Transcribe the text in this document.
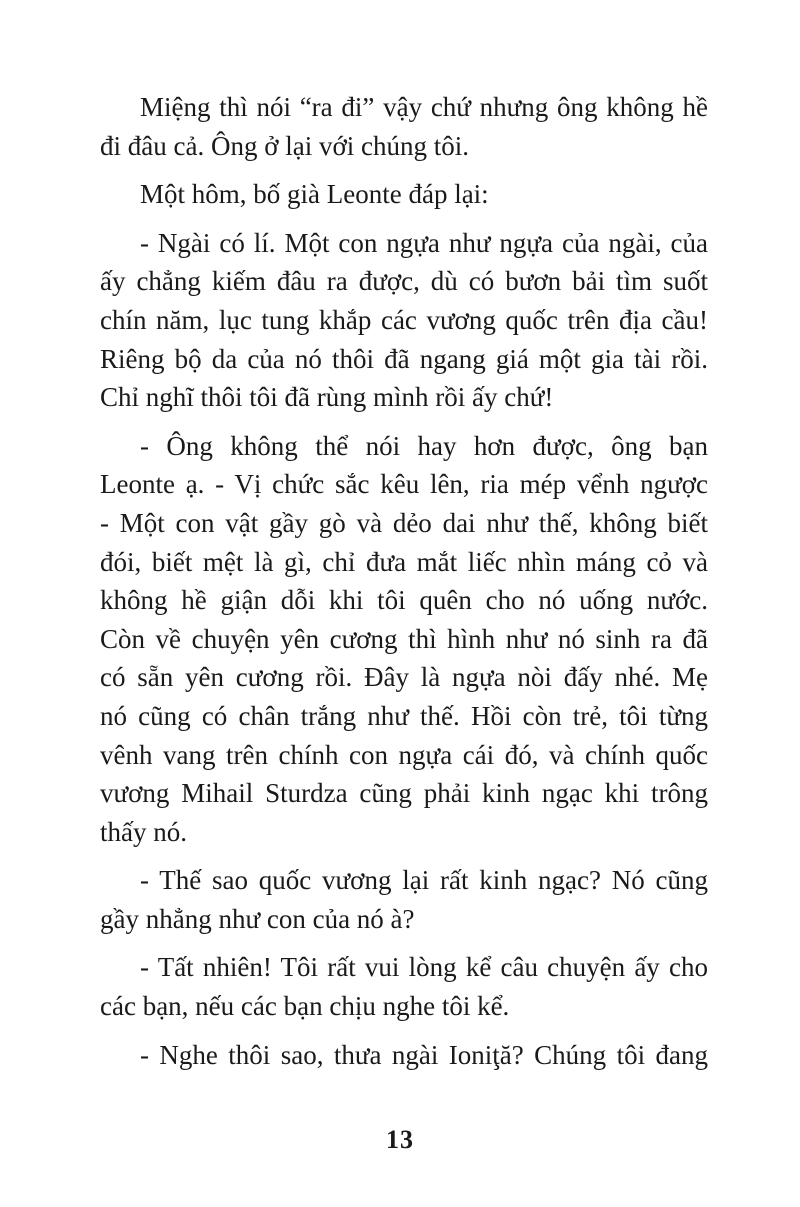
Miệng thì nói “ra đi” vậy chứ nhưng ông không hề
đi đâu cả. Ông ở lại với chúng tôi.

Một hôm, bố già Leonte đáp lại:

- Ngài có lí. Một con ngựa như ngựa của ngài, của
ấy chẳng kiếm đâu ra được, dù có bươn bải tìm suốt
chín năm, lục tung khắp các vương quốc trên địa cầu!
Riêng bộ da của nó thôi đã ngang giá một gia tài rồi.
Chỉ nghĩ thôi tôi đã rùng mình rồi ấy chứ!

- Ông không thể nói hay hơn được, ông bạn
Leonte ạ. - Vị chức sắc kêu lên, ria mép vểnh ngược
- Một con vật gầy gò và dẻo dai như thế, không biết
đói, biết mệt là gì, chỉ đưa mắt liếc nhìn máng cỏ và
không hề giận dỗi khi tôi quên cho nó uống nước.
Còn về chuyện yên cương thì hình như nó sinh ra đã
có sẵn yên cương rồi. Đây là ngựa nòi đấy nhé. Mẹ
nó cũng có chân trắng như thế. Hồi còn trẻ, tôi từng
vênh vang trên chính con ngựa cái đó, và chính quốc
vương Mihail Sturdza cũng phải kinh ngạc khi trông
thấy nó.

- Thế sao quốc vương lại rất kinh ngạc? Nó cũng
gầy nhẳng như con của nó à?

- Tất nhiên! Tôi rất vui lòng kể câu chuyện ấy cho
các bạn, nếu các bạn chịu nghe tôi kể.

- Nghe thôi sao, thưa ngài Ioniţă? Chúng tôi đang

13
